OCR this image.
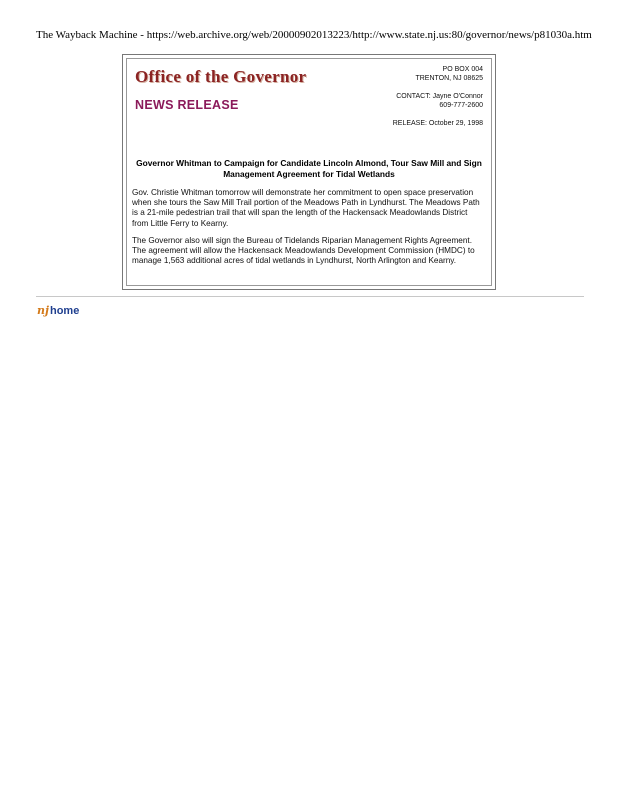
The Wayback Machine - https://web.archive.org/web/20000902013223/http://www.state.nj.us:80/governor/news/p81030a.htm
Office of the Governor
NEWS RELEASE
PO BOX 004
TRENTON, NJ 08625
CONTACT: Jayne O'Connor
609-777-2600
RELEASE: October 29, 1998
Governor Whitman to Campaign for Candidate Lincoln Almond, Tour Saw Mill and Sign Management Agreement for Tidal Wetlands
Gov. Christie Whitman tomorrow will demonstrate her commitment to open space preservation when she tours the Saw Mill Trail portion of the Meadows Path in Lyndhurst. The Meadows Path is a 21-mile pedestrian trail that will span the length of the Hackensack Meadowlands District from Little Ferry to Kearny.
The Governor also will sign the Bureau of Tidelands Riparian Management Rights Agreement. The agreement will allow the Hackensack Meadowlands Development Commission (HMDC) to manage 1,563 additional acres of tidal wetlands in Lyndhurst, North Arlington and Kearny.
nj home
